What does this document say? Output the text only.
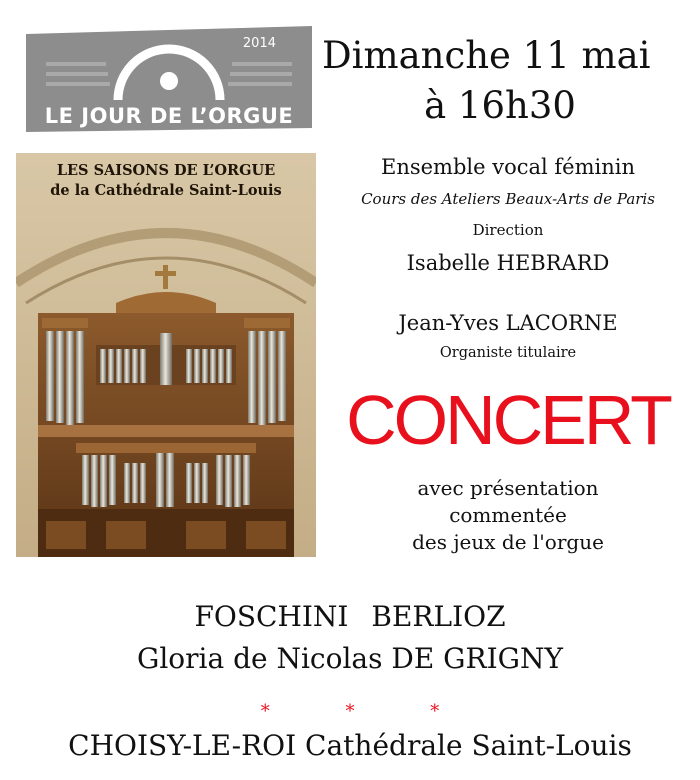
2014
LE JOUR DE L’ORGUE
Dimanche 11 mai
à 16h30
LES SAISONS DE L’ORGUE
de la Cathédrale Saint-Louis
Ensemble vocal féminin
Cours des Ateliers Beaux-Arts de Paris
Direction
Isabelle HEBRARD
Jean-Yves LACORNE
Organiste titulaire
CONCERT
avec présentation
commentée
des jeux de l'orgue
FOSCHINI BERLIOZ
Gloria de Nicolas DE GRIGNY
* * *
CHOISY-LE-ROI Cathédrale Saint-Louis
